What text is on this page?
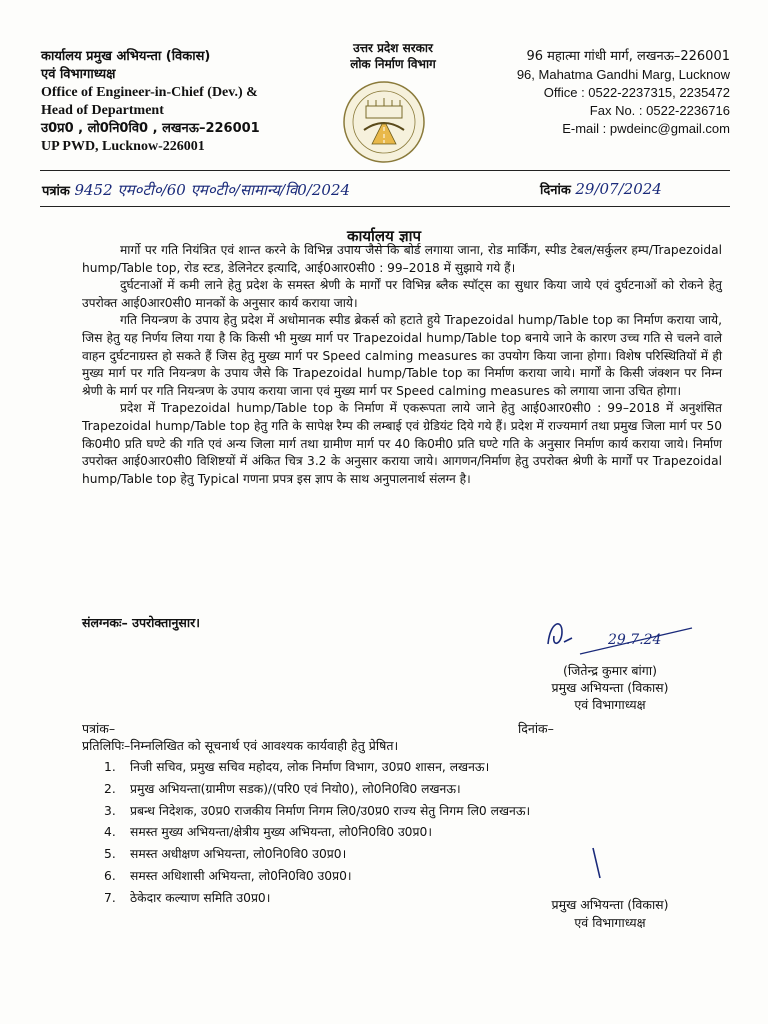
कार्यालय प्रमुख अभियन्ता (विकास)
एवं विभागाध्यक्ष
Office of Engineer-in-Chief (Dev.) &
Head of Department
उ0प्र0 , लो0नि0वि0 , लखनऊ–226001
UP PWD, Lucknow-226001
उत्तर प्रदेश सरकार
लोक निर्माण विभाग	96 महात्मा गांधी मार्ग, लखनऊ–226001
96, Mahatma Gandhi Marg, Lucknow
Office : 0522-2237315, 2235472
Fax No. : 0522-2236716
E-mail : pwdeinc@gmail.com
पत्रांक 9452 एम०टी०/60 एम०टी०/सामान्य/वि0/2024	दिनांक 29/07/2024
कार्यालय ज्ञाप

मार्गो पर गति नियंत्रित एवं शान्त करने के विभिन्न उपाय जैसे कि बोर्ड लगाया जाना, रोड मार्किंग, स्पीड टेबल/सर्कुलर हम्प/Trapezoidal hump/Table top, रोड स्टड, डेलिनेटर इत्यादि, आई0आर0सी0 : 99–2018 में सुझाये गये हैं।

दुर्घटनाओं में कमी लाने हेतु प्रदेश के समस्त श्रेणी के मार्गों पर विभिन्न ब्लैक स्पॉट्स का सुधार किया जाये एवं दुर्घटनाओं को रोकने हेतु उपरोक्त आई0आर0सी0 मानकों के अनुसार कार्य कराया जाये।

गति नियन्त्रण के उपाय हेतु प्रदेश में अधोमानक स्पीड ब्रेकर्स को हटाते हुये Trapezoidal hump/Table top का निर्माण कराया जाये, जिस हेतु यह निर्णय लिया गया है कि किसी भी मुख्य मार्ग पर Trapezoidal hump/Table top बनाये जाने के कारण उच्च गति से चलने वाले वाहन दुर्घटनाग्रस्त हो सकते हैं जिस हेतु मुख्य मार्ग पर Speed calming measures का उपयोग किया जाना होगा। विशेष परिस्थितियों में ही मुख्य मार्ग पर गति नियन्त्रण के उपाय जैसे कि Trapezoidal hump/Table top का निर्माण कराया जाये। मार्गों के किसी जंक्शन पर निम्न श्रेणी के मार्ग पर गति नियन्त्रण के उपाय कराया जाना एवं मुख्य मार्ग पर Speed calming measures को लगाया जाना उचित होगा।

प्रदेश में Trapezoidal hump/Table top के निर्माण में एकरूपता लाये जाने हेतु आई0आर0सी0 : 99–2018 में अनुशंसित Trapezoidal hump/Table top हेतु गति के सापेक्ष रैम्प की लम्बाई एवं ग्रेडियंट दिये गये हैं। प्रदेश में राज्यमार्ग तथा प्रमुख जिला मार्ग पर 50 कि0मी0 प्रति घण्टे की गति एवं अन्य जिला मार्ग तथा ग्रामीण मार्ग पर 40 कि0मी0 प्रति घण्टे गति के अनुसार निर्माण कार्य कराया जाये। निर्माण उपरोक्त आई0आर0सी0 विशिष्टयों में अंकित चित्र 3.2 के अनुसार कराया जाये। आगणन/निर्माण हेतु उपरोक्त श्रेणी के मार्गों पर Trapezoidal hump/Table top हेतु Typical गणना प्रपत्र इस ज्ञाप के साथ अनुपालनार्थ संलग्न है।

संलग्नकः– उपरोक्तानुसार।
29.7.24
(जितेन्द्र कुमार बांगा)
प्रमुख अभियन्ता (विकास)
एवं विभागाध्यक्ष
पत्रांक–	दिनांक–
प्रतिलिपिः–निम्नलिखित को सूचनार्थ एवं आवश्यक कार्यवाही हेतु प्रेषित।
1. निजी सचिव, प्रमुख सचिव महोदय, लोक निर्माण विभाग, उ0प्र0 शासन, लखनऊ।
2. प्रमुख अभियन्ता(ग्रामीण सडक)/(परि0 एवं नियो0), लो0नि0वि0 लखनऊ।
3. प्रबन्ध निदेशक, उ0प्र0 राजकीय निर्माण निगम लि0/उ0प्र0 राज्य सेतु निगम लि0 लखनऊ।
4. समस्त मुख्य अभियन्ता/क्षेत्रीय मुख्य अभियन्ता, लो0नि0वि0 उ0प्र0।
5. समस्त अधीक्षण अभियन्ता, लो0नि0वि0 उ0प्र0।
6. समस्त अधिशासी अभियन्ता, लो0नि0वि0 उ0प्र0।
7. ठेकेदार कल्याण समिति उ0प्र0।	प्रमुख अभियन्ता (विकास)
एवं विभागाध्यक्ष
